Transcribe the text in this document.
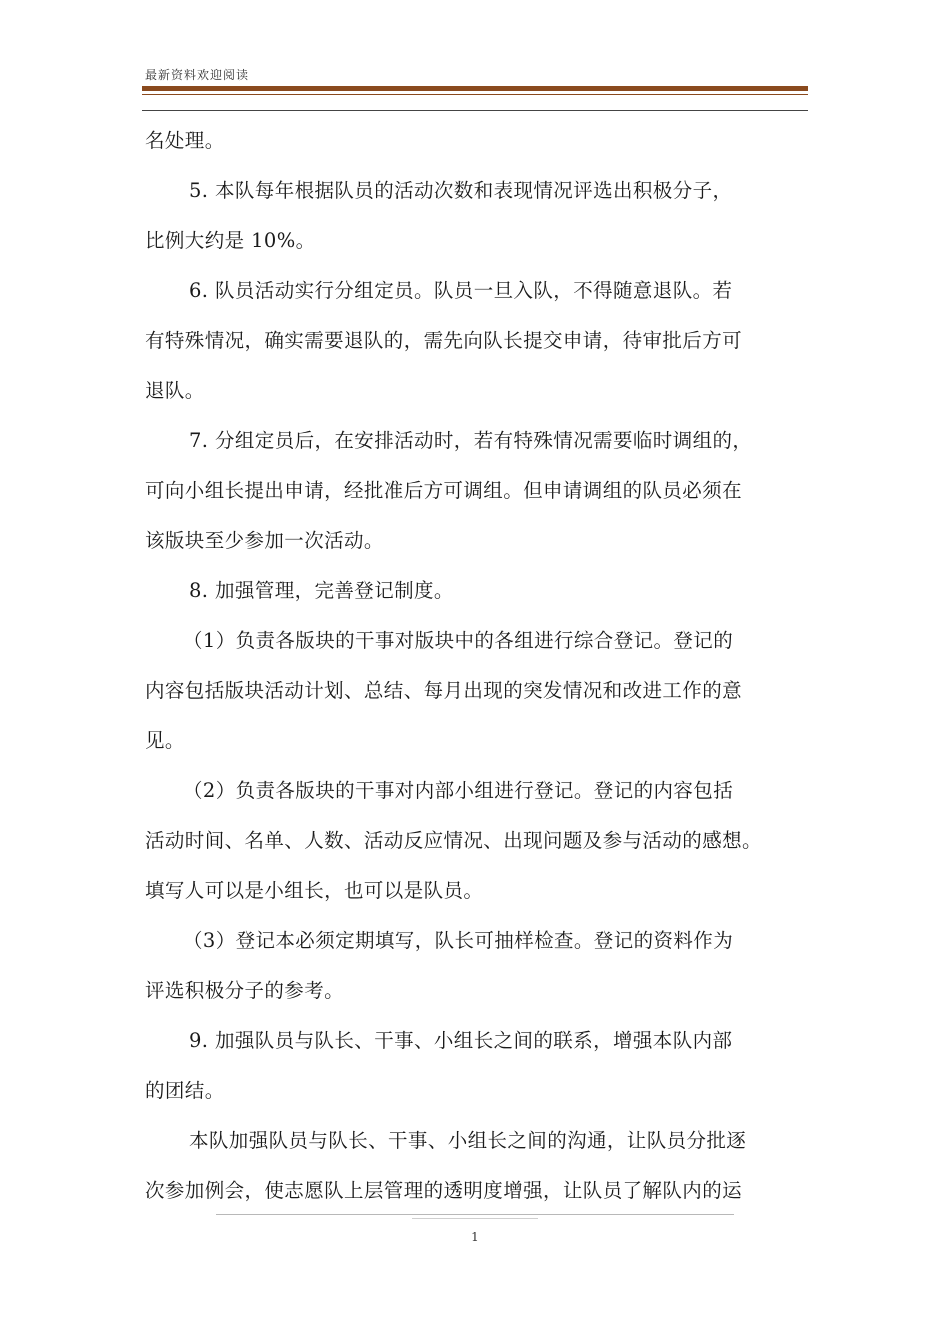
最新资料欢迎阅读
名处理。
5. 本队每年根据队员的活动次数和表现情况评选出积极分子，
比例大约是 10%。
6. 队员活动实行分组定员。队员一旦入队，不得随意退队。若
有特殊情况，确实需要退队的，需先向队长提交申请，待审批后方可
退队。
7. 分组定员后，在安排活动时，若有特殊情况需要临时调组的，
可向小组长提出申请，经批准后方可调组。但申请调组的队员必须在
该版块至少参加一次活动。
8. 加强管理，完善登记制度。
（1）负责各版块的干事对版块中的各组进行综合登记。登记的
内容包括版块活动计划、总结、每月出现的突发情况和改进工作的意
见。
（2）负责各版块的干事对内部小组进行登记。登记的内容包括
活动时间、名单、人数、活动反应情况、出现问题及参与活动的感想。
填写人可以是小组长，也可以是队员。
（3）登记本必须定期填写，队长可抽样检查。登记的资料作为
评选积极分子的参考。
9. 加强队员与队长、干事、小组长之间的联系，增强本队内部
的团结。
本队加强队员与队长、干事、小组长之间的沟通，让队员分批逐
次参加例会，使志愿队上层管理的透明度增强，让队员了解队内的运
1
